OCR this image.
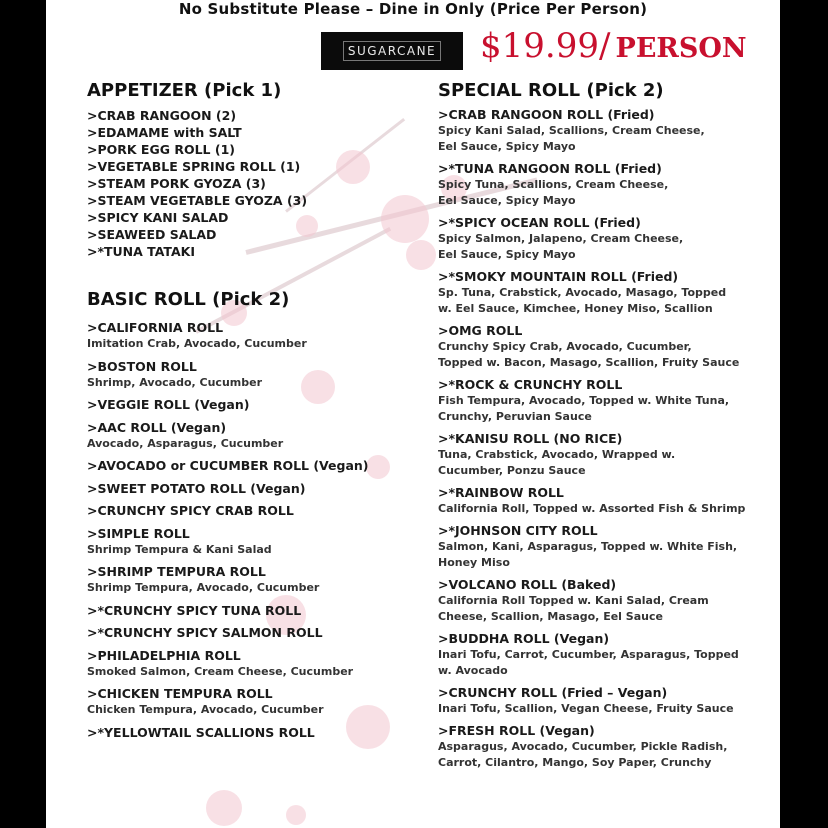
No Substitute Please – Dine in Only (Price Per Person)
SUGARCANE $19.99/ PERSON
APPETIZER (Pick 1)
>CRAB RANGOON (2)
>EDAMAME with SALT
>PORK EGG ROLL (1)
>VEGETABLE SPRING ROLL (1)
>STEAM PORK GYOZA (3)
>STEAM VEGETABLE GYOZA (3)
>SPICY KANI SALAD
>SEAWEED SALAD
>*TUNA TATAKI
BASIC ROLL (Pick 2)
>CALIFORNIA ROLL
Imitation Crab, Avocado, Cucumber
>BOSTON ROLL
Shrimp, Avocado, Cucumber
>VEGGIE ROLL (Vegan)
>AAC ROLL (Vegan)
Avocado, Asparagus, Cucumber
>AVOCADO or CUCUMBER ROLL (Vegan)
>SWEET POTATO ROLL (Vegan)
>CRUNCHY SPICY CRAB ROLL
>SIMPLE ROLL
Shrimp Tempura & Kani Salad
>SHRIMP TEMPURA ROLL
Shrimp Tempura, Avocado, Cucumber
>*CRUNCHY SPICY TUNA ROLL
>*CRUNCHY SPICY SALMON ROLL
>PHILADELPHIA ROLL
Smoked Salmon, Cream Cheese, Cucumber
>CHICKEN TEMPURA ROLL
Chicken Tempura, Avocado, Cucumber
>*YELLOWTAIL SCALLIONS ROLL
SPECIAL ROLL (Pick 2)
>CRAB RANGOON ROLL (Fried)
Spicy Kani Salad, Scallions, Cream Cheese,
Eel Sauce, Spicy Mayo
>*TUNA RANGOON ROLL (Fried)
Spicy Tuna, Scallions, Cream Cheese,
Eel Sauce, Spicy Mayo
>*SPICY OCEAN ROLL (Fried)
Spicy Salmon, Jalapeno, Cream Cheese,
Eel Sauce, Spicy Mayo
>*SMOKY MOUNTAIN ROLL (Fried)
Sp. Tuna, Crabstick, Avocado, Masago, Topped
w. Eel Sauce, Kimchee, Honey Miso, Scallion
>OMG ROLL
Crunchy Spicy Crab, Avocado, Cucumber,
Topped w. Bacon, Masago, Scallion, Fruity Sauce
>*ROCK & CRUNCHY ROLL
Fish Tempura, Avocado, Topped w. White Tuna,
Crunchy, Peruvian Sauce
>*KANISU ROLL (NO RICE)
Tuna, Crabstick, Avocado, Wrapped w.
Cucumber, Ponzu Sauce
>*RAINBOW ROLL
California Roll, Topped w. Assorted Fish & Shrimp
>*JOHNSON CITY ROLL
Salmon, Kani, Asparagus, Topped w. White Fish,
Honey Miso
>VOLCANO ROLL (Baked)
California Roll Topped w. Kani Salad, Cream
Cheese, Scallion, Masago, Eel Sauce
>BUDDHA ROLL (Vegan)
Inari Tofu, Carrot, Cucumber, Asparagus, Topped
w. Avocado
>CRUNCHY ROLL (Fried – Vegan)
Inari Tofu, Scallion, Vegan Cheese, Fruity Sauce
>FRESH ROLL (Vegan)
Asparagus, Avocado, Cucumber, Pickle Radish,
Carrot, Cilantro, Mango, Soy Paper, Crunchy
